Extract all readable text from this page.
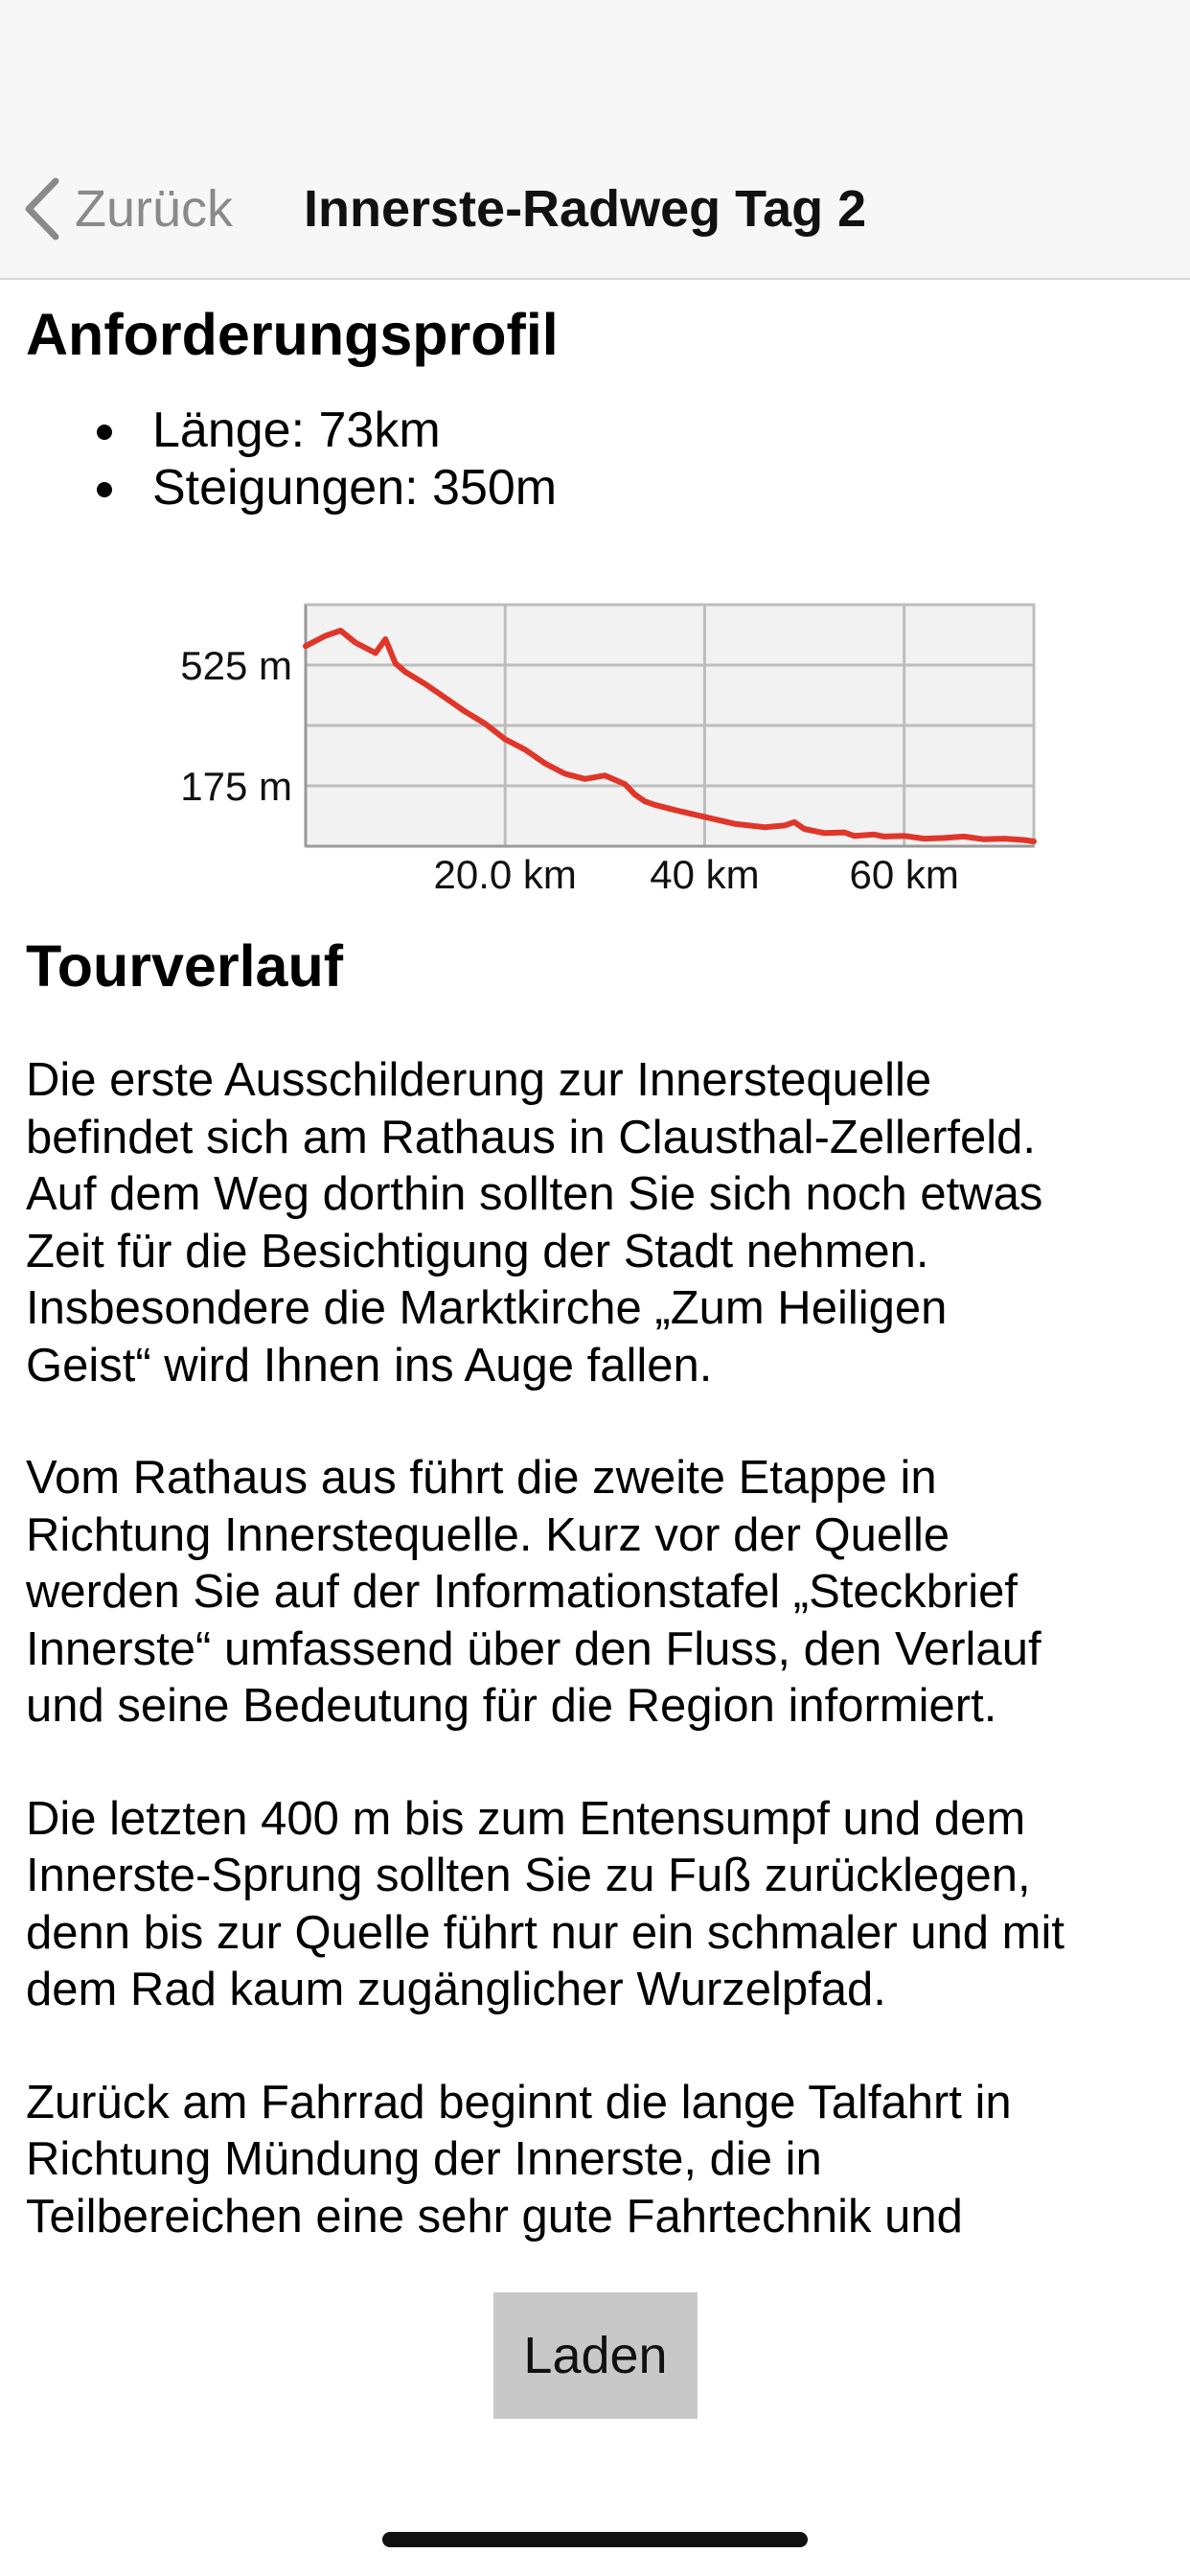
Zurück Innerste-Radweg Tag 2
Anforderungsprofil
Länge: 73km
Steigungen: 350m
525 m
175 m
20.0 km 40 km 60 km
Tourverlauf
Die erste Ausschilderung zur Innerstequelle
befindet sich am Rathaus in Clausthal-Zellerfeld.
Auf dem Weg dorthin sollten Sie sich noch etwas
Zeit für die Besichtigung der Stadt nehmen.
Insbesondere die Marktkirche „Zum Heiligen
Geist“ wird Ihnen ins Auge fallen.
Vom Rathaus aus führt die zweite Etappe in
Richtung Innerstequelle. Kurz vor der Quelle
werden Sie auf der Informationstafel „Steckbrief
Innerste“ umfassend über den Fluss, den Verlauf
und seine Bedeutung für die Region informiert.
Die letzten 400 m bis zum Entensumpf und dem
Innerste-Sprung sollten Sie zu Fuß zurücklegen,
denn bis zur Quelle führt nur ein schmaler und mit
dem Rad kaum zugänglicher Wurzelpfad.
Zurück am Fahrrad beginnt die lange Talfahrt in
Richtung Mündung der Innerste, die in
Teilbereichen eine sehr gute Fahrtechnik und
Laden
